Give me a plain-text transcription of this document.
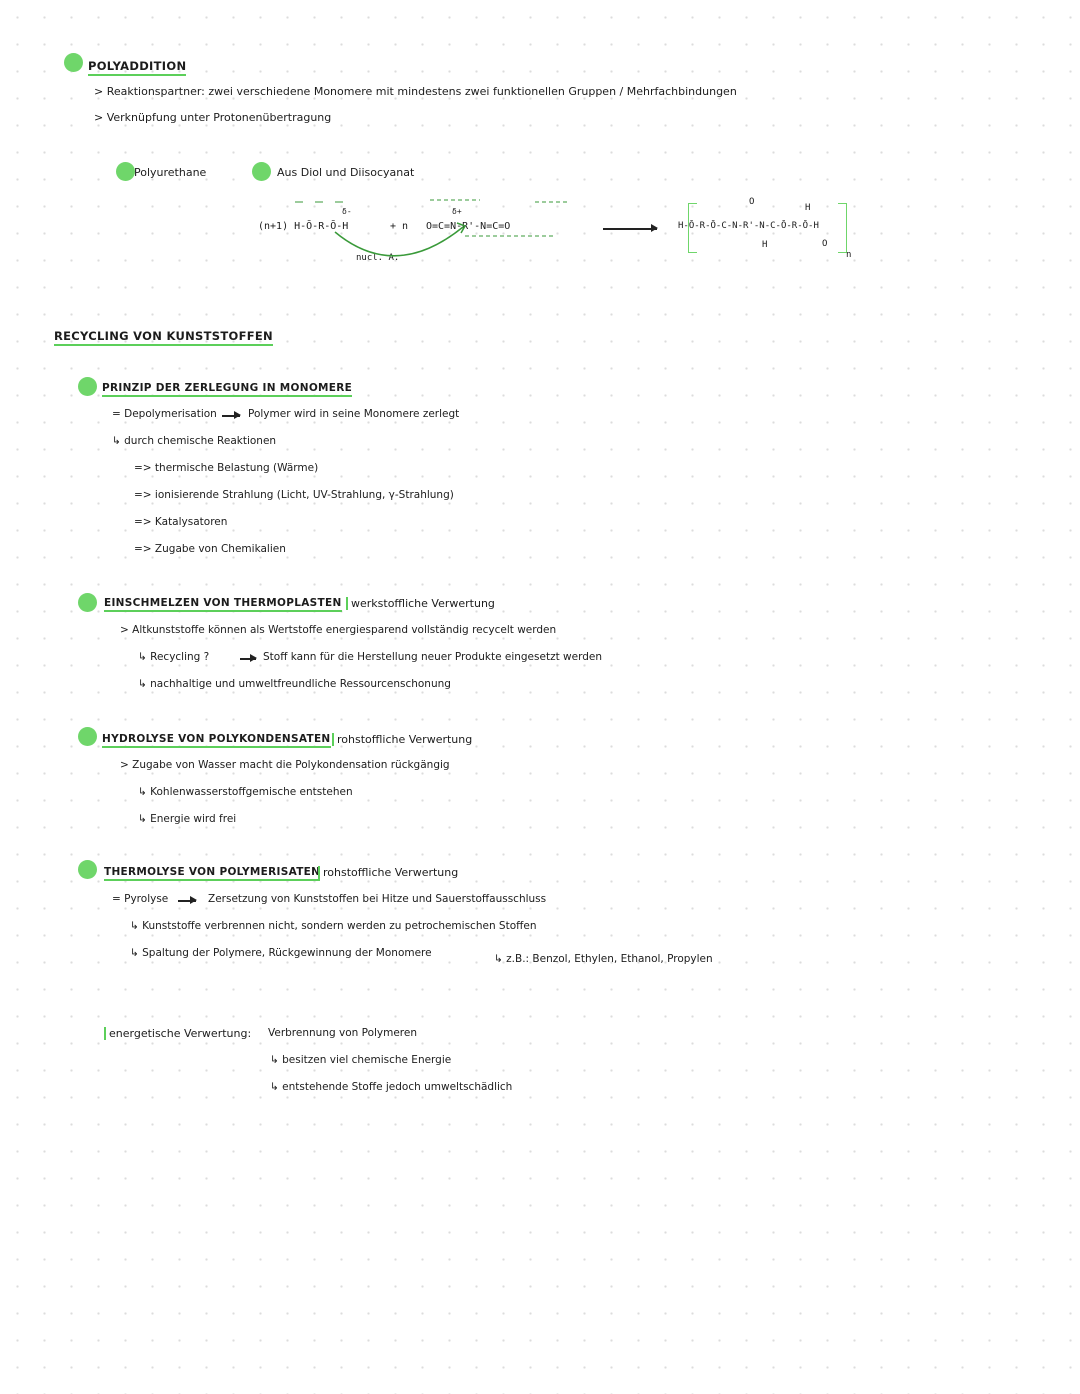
POLYADDITION
> Reaktionspartner: zwei verschiedene Monomere mit mindestens zwei funktionellen Gruppen / Mehrfachbindungen
> Verknüpfung unter Protonenübertragung
Polyurethane	Aus Diol und Diisocyanat
(n+1) H-Ō-R-Ō-H	+ n O=C=N-R'-N=C=O
δ-	δ+
nucl. A.
→ H-Ō-R-Ō-C-N-R'-N-C-Ō-R-Ō-H
O
H
H	O
n
RECYCLING VON KUNSTSTOFFEN
PRINZIP DER ZERLEGUNG IN MONOMERE
= Depolymerisation	Polymer wird in seine Monomere zerlegt
↳ durch chemische Reaktionen
=> thermische Belastung (Wärme)
=> ionisierende Strahlung (Licht, UV-Strahlung, γ-Strahlung)
=> Katalysatoren
=> Zugabe von Chemikalien
EINSCHMELZEN VON THERMOPLASTEN werkstoffliche Verwertung
> Altkunststoffe können als Wertstoffe energiesparend vollständig recycelt werden
↳ Recycling ?	Stoff kann für die Herstellung neuer Produkte eingesetzt werden
↳ nachhaltige und umweltfreundliche Ressourcenschonung
HYDROLYSE VON POLYKONDENSATEN rohstoffliche Verwertung
> Zugabe von Wasser macht die Polykondensation rückgängig
↳ Kohlenwasserstoffgemische entstehen
↳ Energie wird frei
THERMOLYSE VON POLYMERISATEN rohstoffliche Verwertung
= Pyrolyse	Zersetzung von Kunststoffen bei Hitze und Sauerstoffausschluss
↳ Kunststoffe verbrennen nicht, sondern werden zu petrochemischen Stoffen
↳ Spaltung der Polymere, Rückgewinnung der Monomere	↳ z.B.: Benzol, Ethylen, Ethanol, Propylen
energetische Verwertung: Verbrennung von Polymeren
↳ besitzen viel chemische Energie
↳ entstehende Stoffe jedoch umweltschädlich
